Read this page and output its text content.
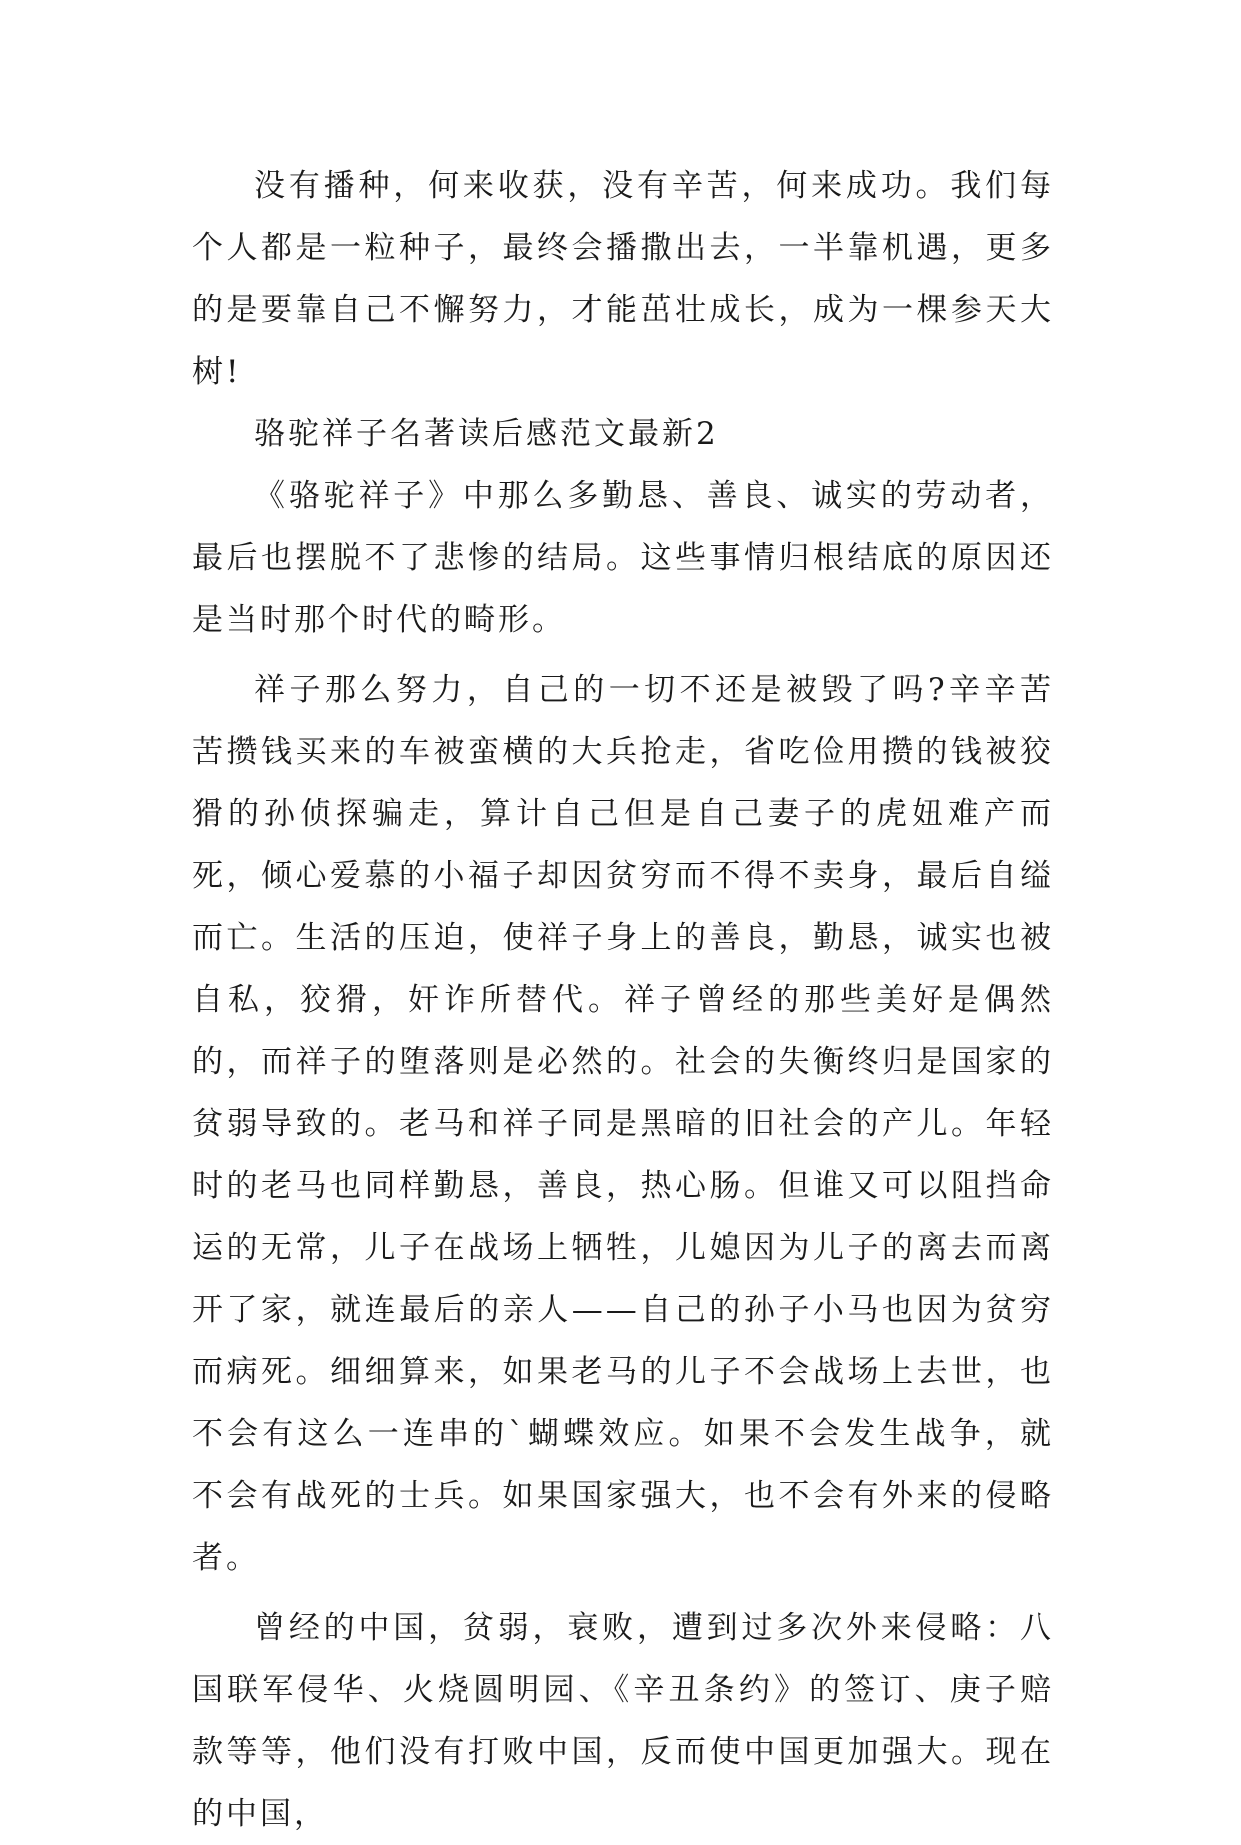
没有播种，何来收获，没有辛苦，何来成功。我们每个人都是一粒种子，最终会播撒出去，一半靠机遇，更多的是要靠自己不懈努力，才能茁壮成长，成为一棵参天大树!

骆驼祥子名著读后感范文最新2

《骆驼祥子》中那么多勤恳、善良、诚实的劳动者，最后也摆脱不了悲惨的结局。这些事情归根结底的原因还是当时那个时代的畸形。

祥子那么努力，自己的一切不还是被毁了吗?辛辛苦苦攒钱买来的车被蛮横的大兵抢走，省吃俭用攒的钱被狡猾的孙侦探骗走，算计自己但是自己妻子的虎妞难产而死，倾心爱慕的小福子却因贫穷而不得不卖身，最后自缢而亡。生活的压迫，使祥子身上的善良，勤恳，诚实也被自私，狡猾，奸诈所替代。祥子曾经的那些美好是偶然的，而祥子的堕落则是必然的。社会的失衡终归是国家的贫弱导致的。老马和祥子同是黑暗的旧社会的产儿。年轻时的老马也同样勤恳，善良，热心肠。但谁又可以阻挡命运的无常，儿子在战场上牺牲，儿媳因为儿子的离去而离开了家，就连最后的亲人——自己的孙子小马也因为贫穷而病死。细细算来，如果老马的儿子不会战场上去世，也不会有这么一连串的`蝴蝶效应。如果不会发生战争，就不会有战死的士兵。如果国家强大，也不会有外来的侵略者。

曾经的中国，贫弱，衰败，遭到过多次外来侵略：八国联军侵华、火烧圆明园、《辛丑条约》的签订、庚子赔款等等，他们没有打败中国，反而使中国更加强大。现在的中国，
